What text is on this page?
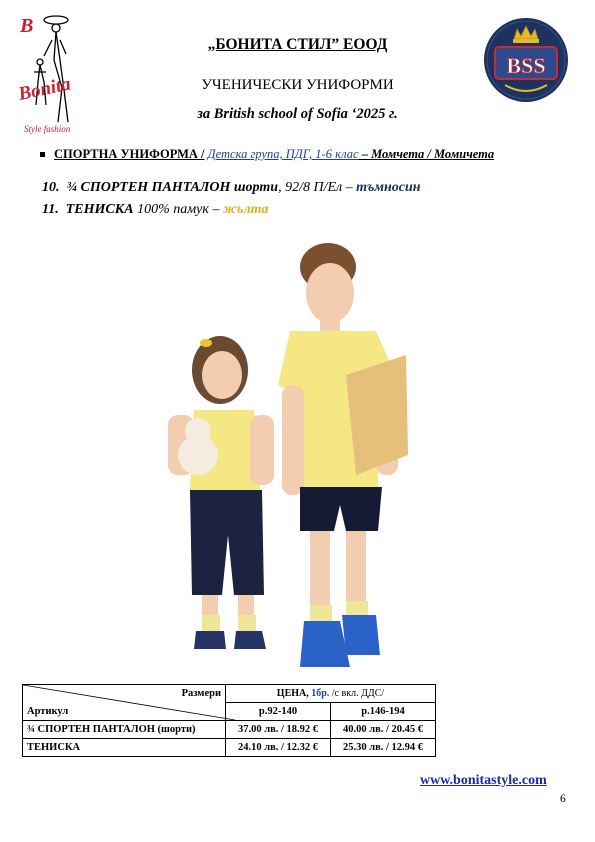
B
Bonita
Style fashion
BSS
„БОНИТА СТИЛ” ЕООД
УЧЕНИЧЕСКИ УНИФОРМИ
за British school of Sofia ‘2025 г.
СПОРТНА УНИФОРМА / Детска група, ПДГ, 1-6 клас – Момчета / Момичета
10. ¾ СПОРТЕН ПАНТАЛОН шорти, 92/8 П/Ел – тъмносин
11. ТЕНИСКА 100% памук – жълта
Размери
Артикул	ЦЕНА, 1бр. /с вкл. ДДС/	
	р.92-140	р.146-194
¾ СПОРТЕН ПАНТАЛОН (шорти)	37.00 лв. / 18.92 €	40.00 лв. / 20.45 €
ТЕНИСКА	24.10 лв. / 12.32 €	25.30 лв. / 12.94 €
www.bonitastyle.com
6
